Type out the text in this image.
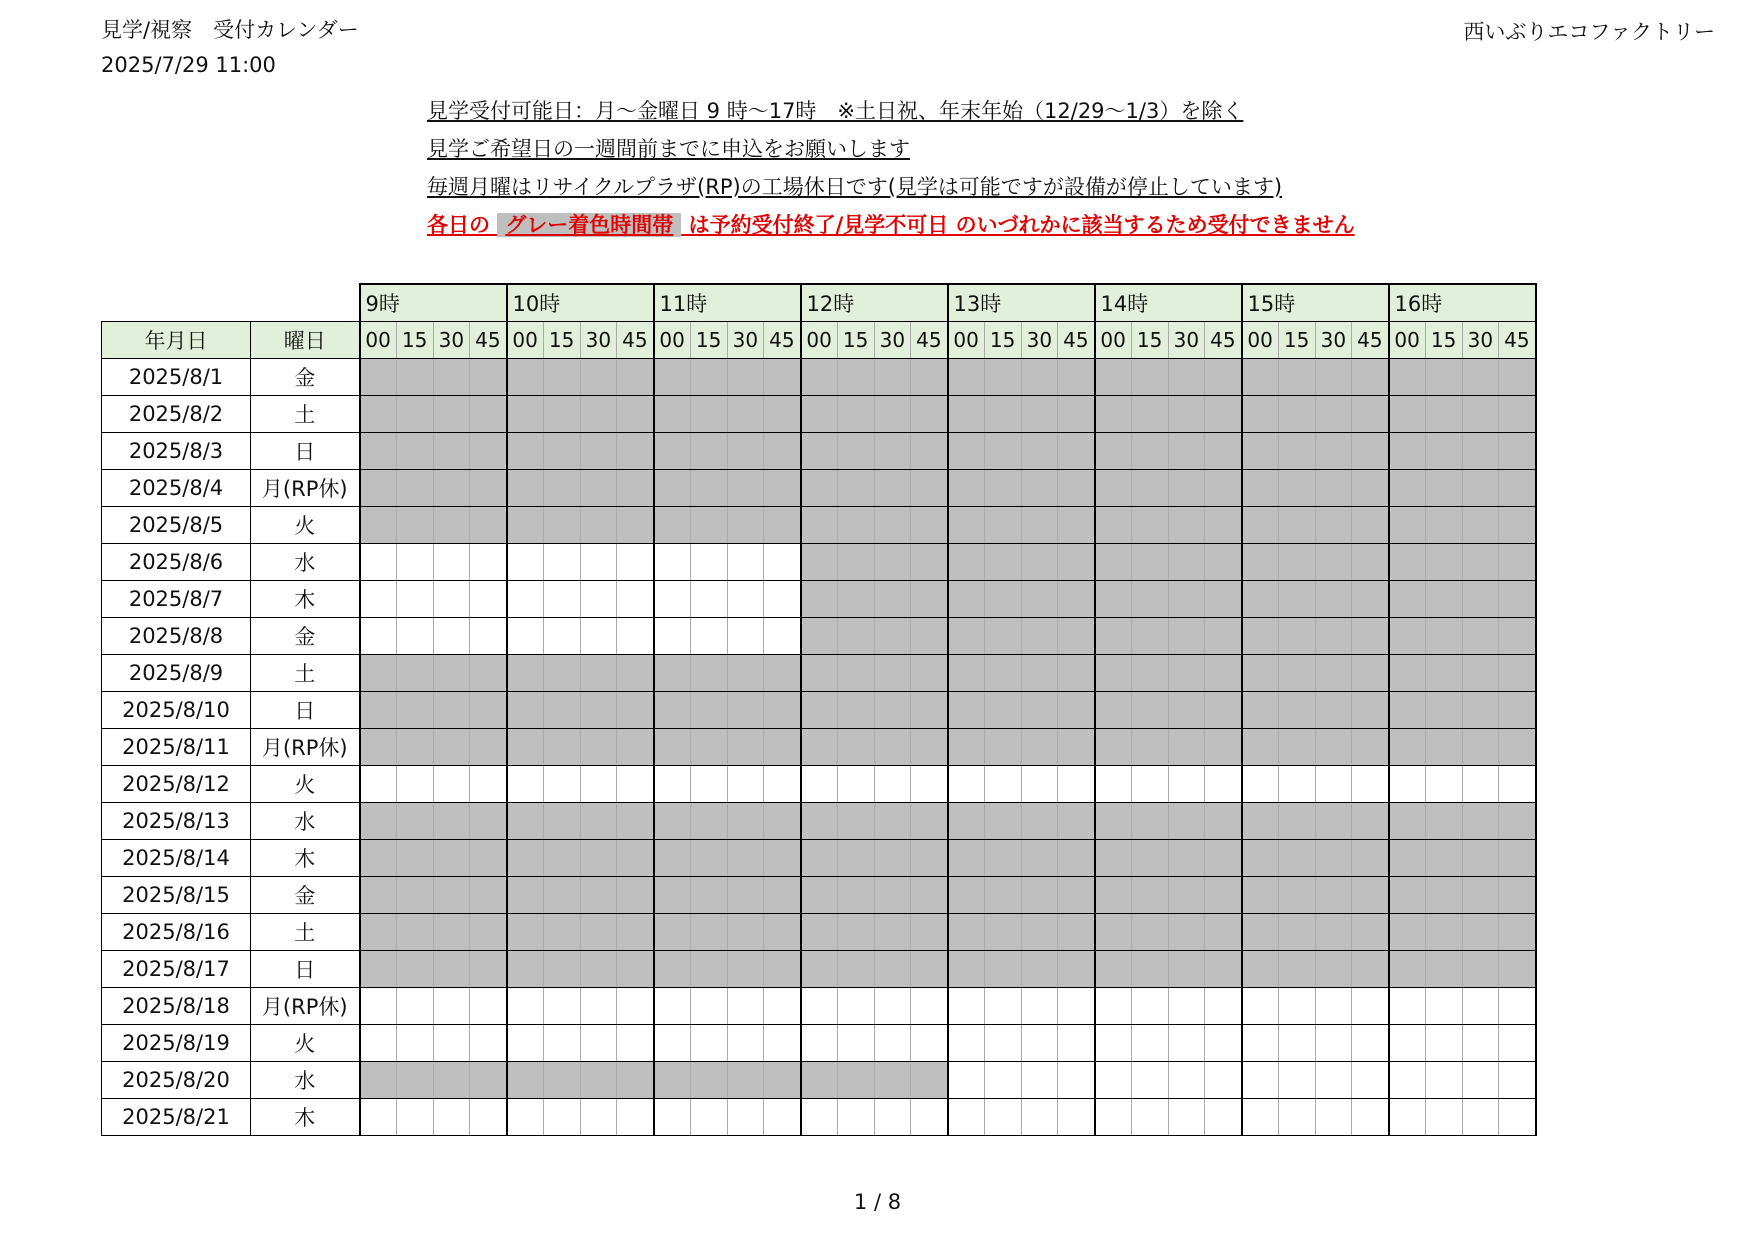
見学/視察　受付カレンダー
2025/7/29 11:00
西いぶりエコファクトリー
見学受付可能日：月〜金曜日 9 時〜17時　※土日祝、年末年始（12/29〜1/3）を除く
見学ご希望日の一週間前までに申込をお願いします
毎週月曜はリサイクルプラザ(RP)の工場休日です(見学は可能ですが設備が停止しています)
各日の グレー着色時間帯 は予約受付終了/見学不可日 のいづれかに該当するため受付できません
		9時				10時				11時				12時				13時				14時				15時				16時			
年月日	曜日	00	15	30	45	00	15	30	45	00	15	30	45	00	15	30	45	00	15	30	45	00	15	30	45	00	15	30	45	00	15	30	45
2025/8/1	金																																
2025/8/2	土																																
2025/8/3	日																																
2025/8/4	月(RP休)																																
2025/8/5	火																																
2025/8/6	水																																
2025/8/7	木																																
2025/8/8	金																																
2025/8/9	土																																
2025/8/10	日																																
2025/8/11	月(RP休)																																
2025/8/12	火																																
2025/8/13	水																																
2025/8/14	木																																
2025/8/15	金																																
2025/8/16	土																																
2025/8/17	日																																
2025/8/18	月(RP休)																																
2025/8/19	火																																
2025/8/20	水																																
2025/8/21	木																																
1 / 8
